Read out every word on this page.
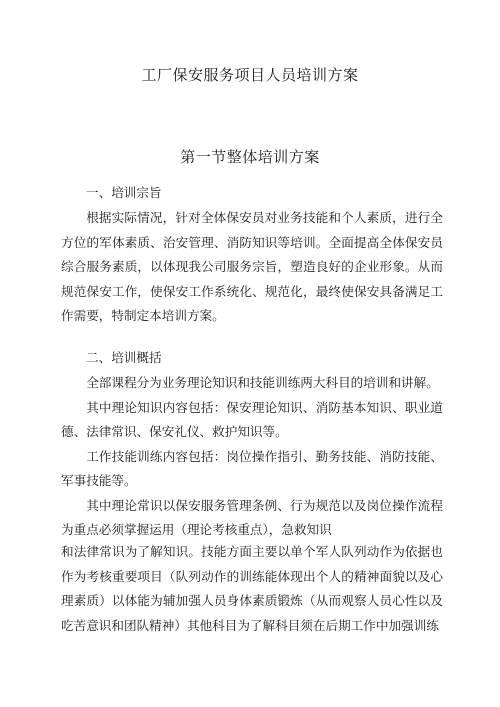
工厂保安服务项目人员培训方案
第一节整体培训方案
一、培训宗旨

根据实际情况，针对全体保安员对业务技能和个人素质，进行全方位的军体素质、治安管理、消防知识等培训。全面提高全体保安员综合服务素质，以体现我公司服务宗旨，塑造良好的企业形象。从而规范保安工作，使保安工作系统化、规范化，最终使保安具备满足工作需要，特制定本培训方案。

二、培训概括

全部课程分为业务理论知识和技能训练两大科目的培训和讲解。

其中理论知识内容包括：保安理论知识、消防基本知识、职业道德、法律常识、保安礼仪、救护知识等。

工作技能训练内容包括：岗位操作指引、勤务技能、消防技能、军事技能等。

其中理论常识以保安服务管理条例、行为规范以及岗位操作流程为重点必须掌握运用（理论考核重点），急救知识

和法律常识为了解知识。技能方面主要以单个军人队列动作为依据也作为考核重要项目（队列动作的训练能体现出个人的精神面貌以及心理素质）以体能为辅加强人员身体素质锻炼（从而观察人员心性以及吃苦意识和团队精神）其他科目为了解科目须在后期工作中加强训练
